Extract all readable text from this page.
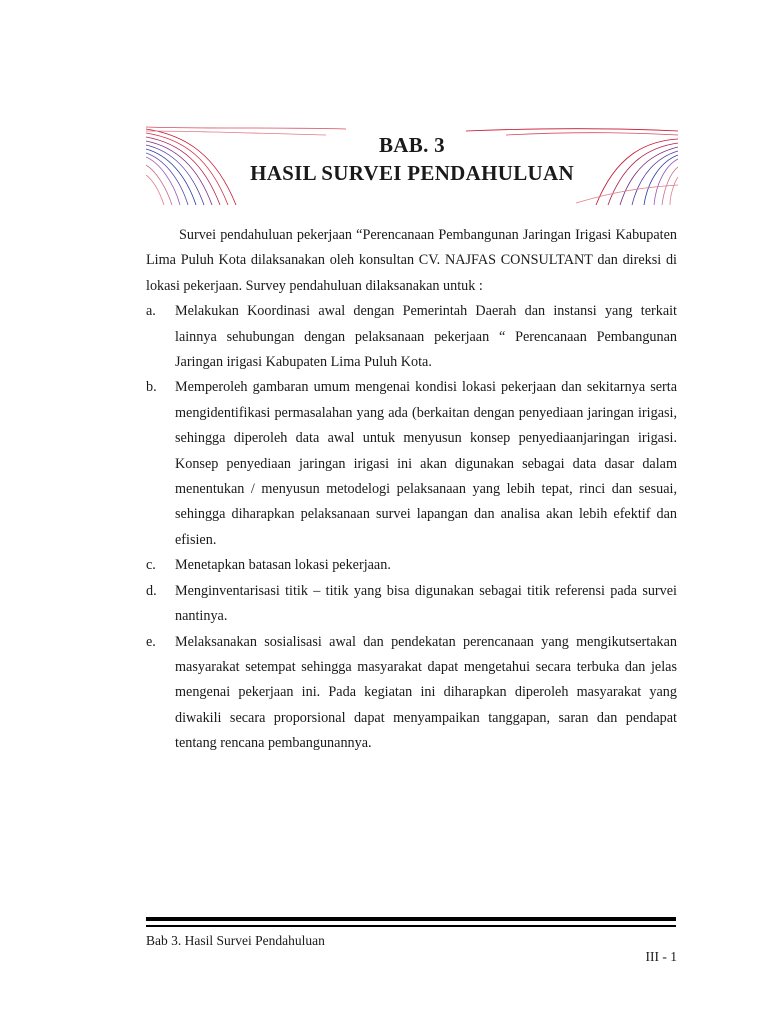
BAB. 3
HASIL SURVEI PENDAHULUAN

Survei pendahuluan pekerjaan “Perencanaan Pembangunan Jaringan Irigasi Kabupaten Lima Puluh Kota dilaksanakan oleh konsultan CV. NAJFAS CONSULTANT dan direksi di lokasi pekerjaan. Survey pendahuluan dilaksanakan untuk :

a. Melakukan Koordinasi awal dengan Pemerintah Daerah dan instansi yang terkait lainnya sehubungan dengan pelaksanaan pekerjaan “ Perencanaan Pembangunan Jaringan irigasi Kabupaten Lima Puluh Kota.
b. Memperoleh gambaran umum mengenai kondisi lokasi pekerjaan dan sekitarnya serta mengidentifikasi permasalahan yang ada (berkaitan dengan penyediaan jaringan irigasi, sehingga diperoleh data awal untuk menyusun konsep penyediaanjaringan irigasi. Konsep penyediaan jaringan irigasi ini akan digunakan sebagai data dasar dalam menentukan / menyusun metodelogi pelaksanaan yang lebih tepat, rinci dan sesuai, sehingga diharapkan pelaksanaan survei lapangan dan analisa akan lebih efektif dan efisien.
c. Menetapkan batasan lokasi pekerjaan.
d. Menginventarisasi titik – titik yang bisa digunakan sebagai titik referensi pada survei nantinya.
e. Melaksanakan sosialisasi awal dan pendekatan perencanaan yang mengikutsertakan masyarakat setempat sehingga masyarakat dapat mengetahui secara terbuka dan jelas mengenai pekerjaan ini. Pada kegiatan ini diharapkan diperoleh masyarakat yang diwakili secara proporsional dapat menyampaikan tanggapan, saran dan pendapat tentang rencana pembangunannya.
Bab 3. Hasil Survei Pendahuluan
III - 1
